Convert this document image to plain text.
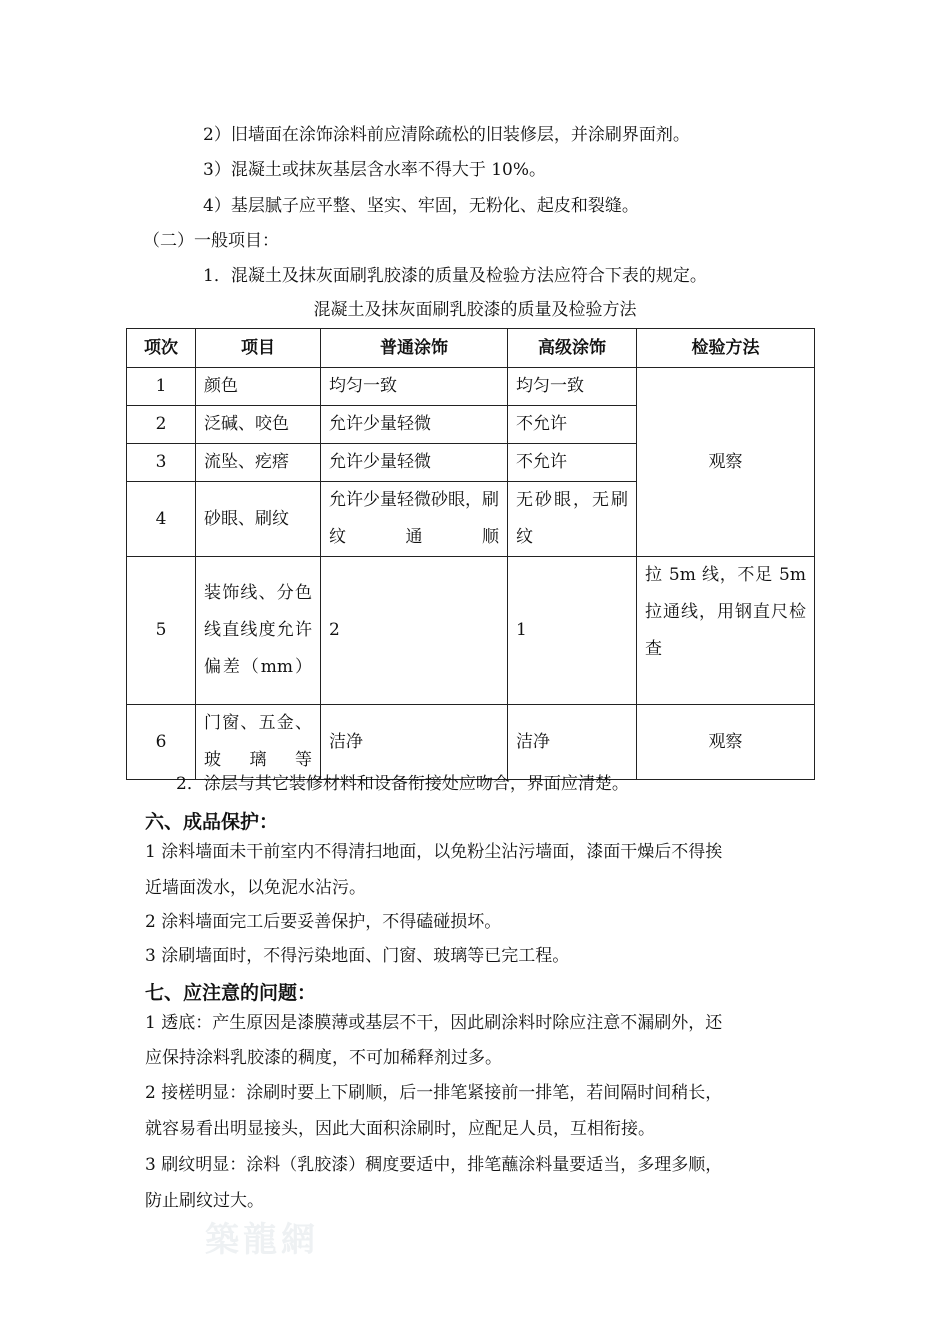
2）旧墙面在涂饰涂料前应清除疏松的旧装修层，并涂刷界面剂。
3）混凝土或抹灰基层含水率不得大于 10%。
4）基层腻子应平整、坚实、牢固，无粉化、起皮和裂缝。
（二）一般项目：
1．混凝土及抹灰面刷乳胶漆的质量及检验方法应符合下表的规定。
混凝土及抹灰面刷乳胶漆的质量及检验方法
项次	项目	普通涂饰	高级涂饰	检验方法
1	颜色	均匀一致	均匀一致	观察
2	泛碱、咬色	允许少量轻微	不允许	
3	流坠、疙瘩	允许少量轻微	不允许	
4	砂眼、刷纹	允许少量轻微砂眼，刷纹通顺	无砂眼，无刷纹	
5	装饰线、分色线直线度允许偏差（mm）	2	1	拉 5m 线，不足 5m 拉通线，用钢直尺检查
6	门窗、五金、玻璃等	洁净	洁净	观察
2．涂层与其它装修材料和设备衔接处应吻合，界面应清楚。
六、成品保护：
1 涂料墙面未干前室内不得清扫地面，以免粉尘沾污墙面，漆面干燥后不得挨
近墙面泼水，以免泥水沾污。
2 涂料墙面完工后要妥善保护，不得磕碰损坏。
3 涂刷墙面时，不得污染地面、门窗、玻璃等已完工程。
七、应注意的问题：
1 透底：产生原因是漆膜薄或基层不干，因此刷涂料时除应注意不漏刷外，还
应保持涂料乳胶漆的稠度，不可加稀释剂过多。
2 接槎明显：涂刷时要上下刷顺，后一排笔紧接前一排笔，若间隔时间稍长，
就容易看出明显接头，因此大面积涂刷时，应配足人员，互相衔接。
3 刷纹明显：涂料（乳胶漆）稠度要适中，排笔蘸涂料量要适当，多理多顺，
防止刷纹过大。
築龍網
